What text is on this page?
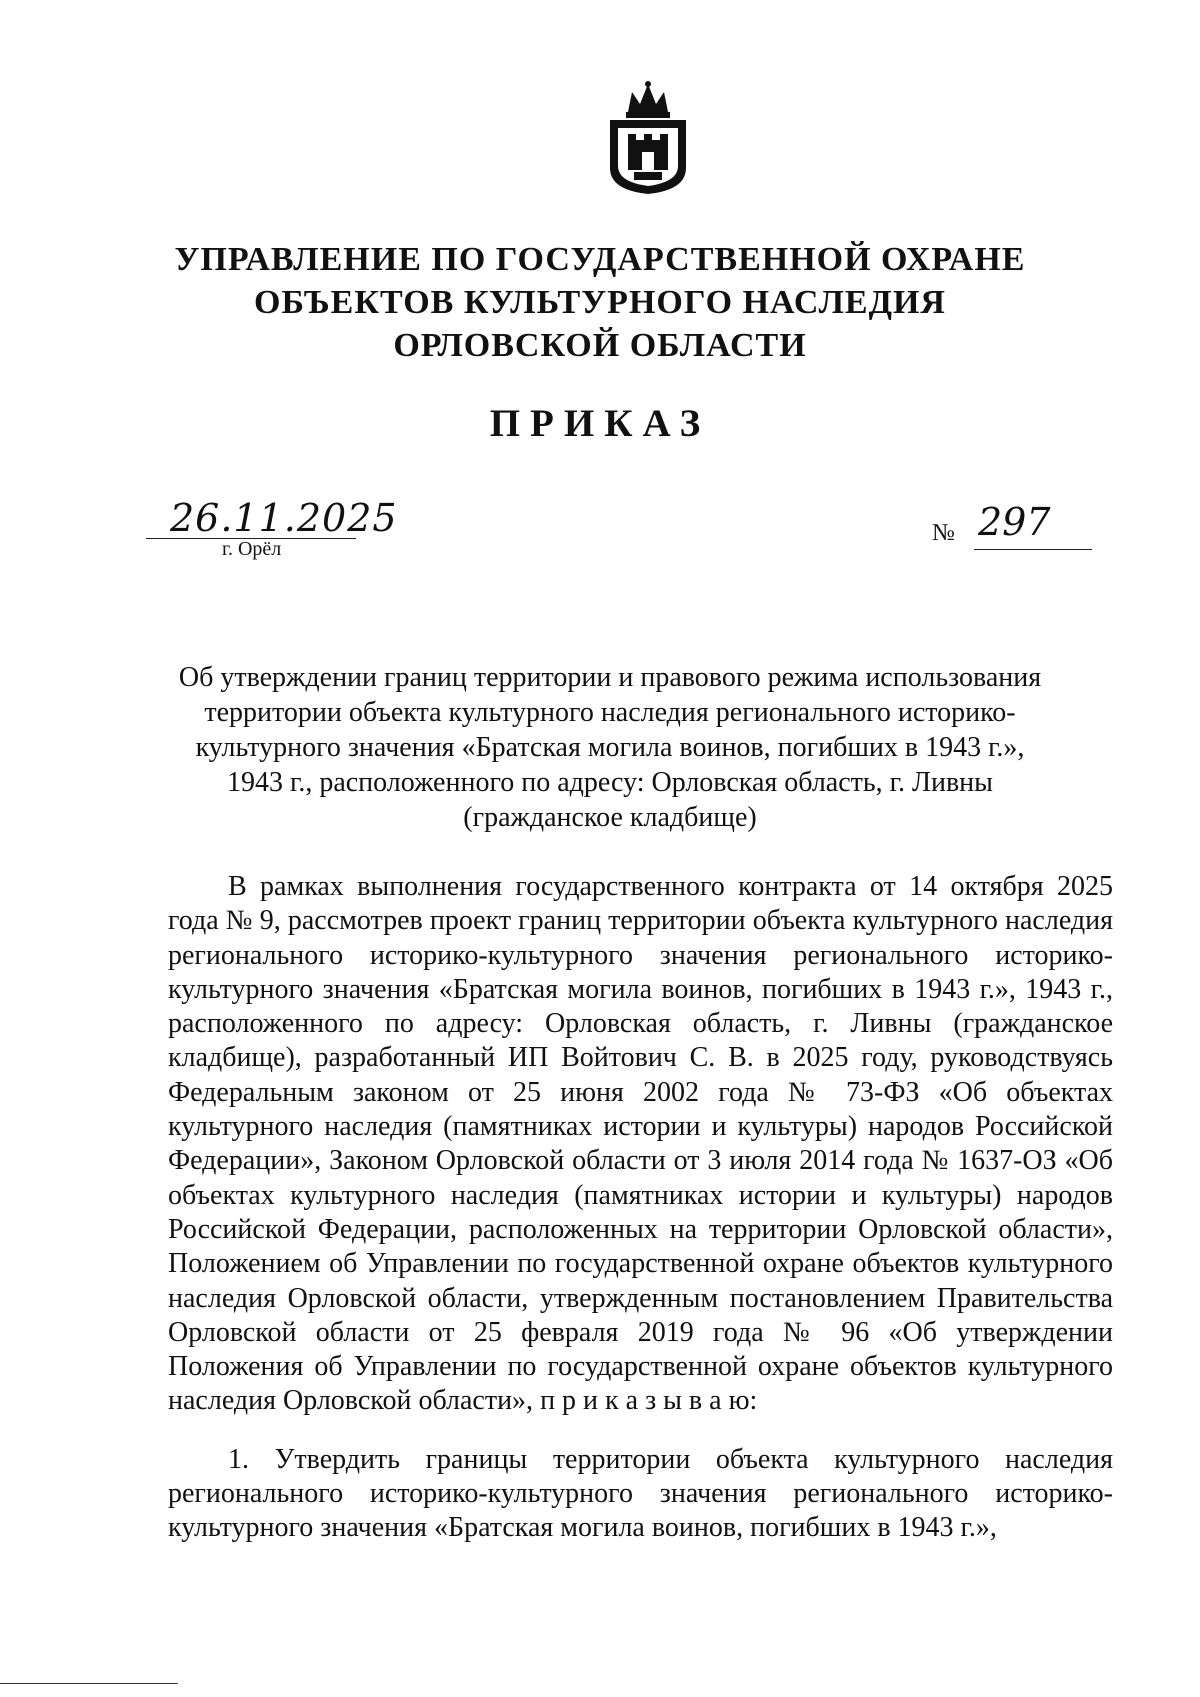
УПРАВЛЕНИЕ ПО ГОСУДАРСТВЕННОЙ ОХРАНЕ
ОБЪЕКТОВ КУЛЬТУРНОГО НАСЛЕДИЯ
ОРЛОВСКОЙ ОБЛАСТИ
ПРИКАЗ
26.11.2025
г. Орёл
№ 297
Об утверждении границ территории и правового режима использования
территории объекта культурного наследия регионального историко-
культурного значения «Братская могила воинов, погибших в 1943 г.»,
1943 г., расположенного по адресу: Орловская область, г. Ливны
(гражданское кладбище)

В рамках выполнения государственного контракта от 14 октября 2025 года № 9, рассмотрев проект границ территории объекта культурного наследия регионального историко-культурного значения регионального историко-культурного значения «Братская могила воинов, погибших в 1943 г.», 1943 г., расположенного по адресу: Орловская область, г. Ливны (гражданское кладбище), разработанный ИП Войтович С. В. в 2025 году, руководствуясь Федеральным законом от 25 июня 2002 года № 73-ФЗ «Об объектах культурного наследия (памятниках истории и культуры) народов Российской Федерации», Законом Орловской области от 3 июля 2014 года № 1637-ОЗ «Об объектах культурного наследия (памятниках истории и культуры) народов Российской Федерации, расположенных на территории Орловской области», Положением об Управлении по государственной охране объектов культурного наследия Орловской области, утвержденным постановлением Правительства Орловской области от 25 февраля 2019 года № 96 «Об утверждении Положения об Управлении по государственной охране объектов культурного наследия Орловской области», п р и к а з ы в а ю:

1. Утвердить границы территории объекта культурного наследия регионального историко-культурного значения регионального историко-культурного значения «Братская могила воинов, погибших в 1943 г.»,
